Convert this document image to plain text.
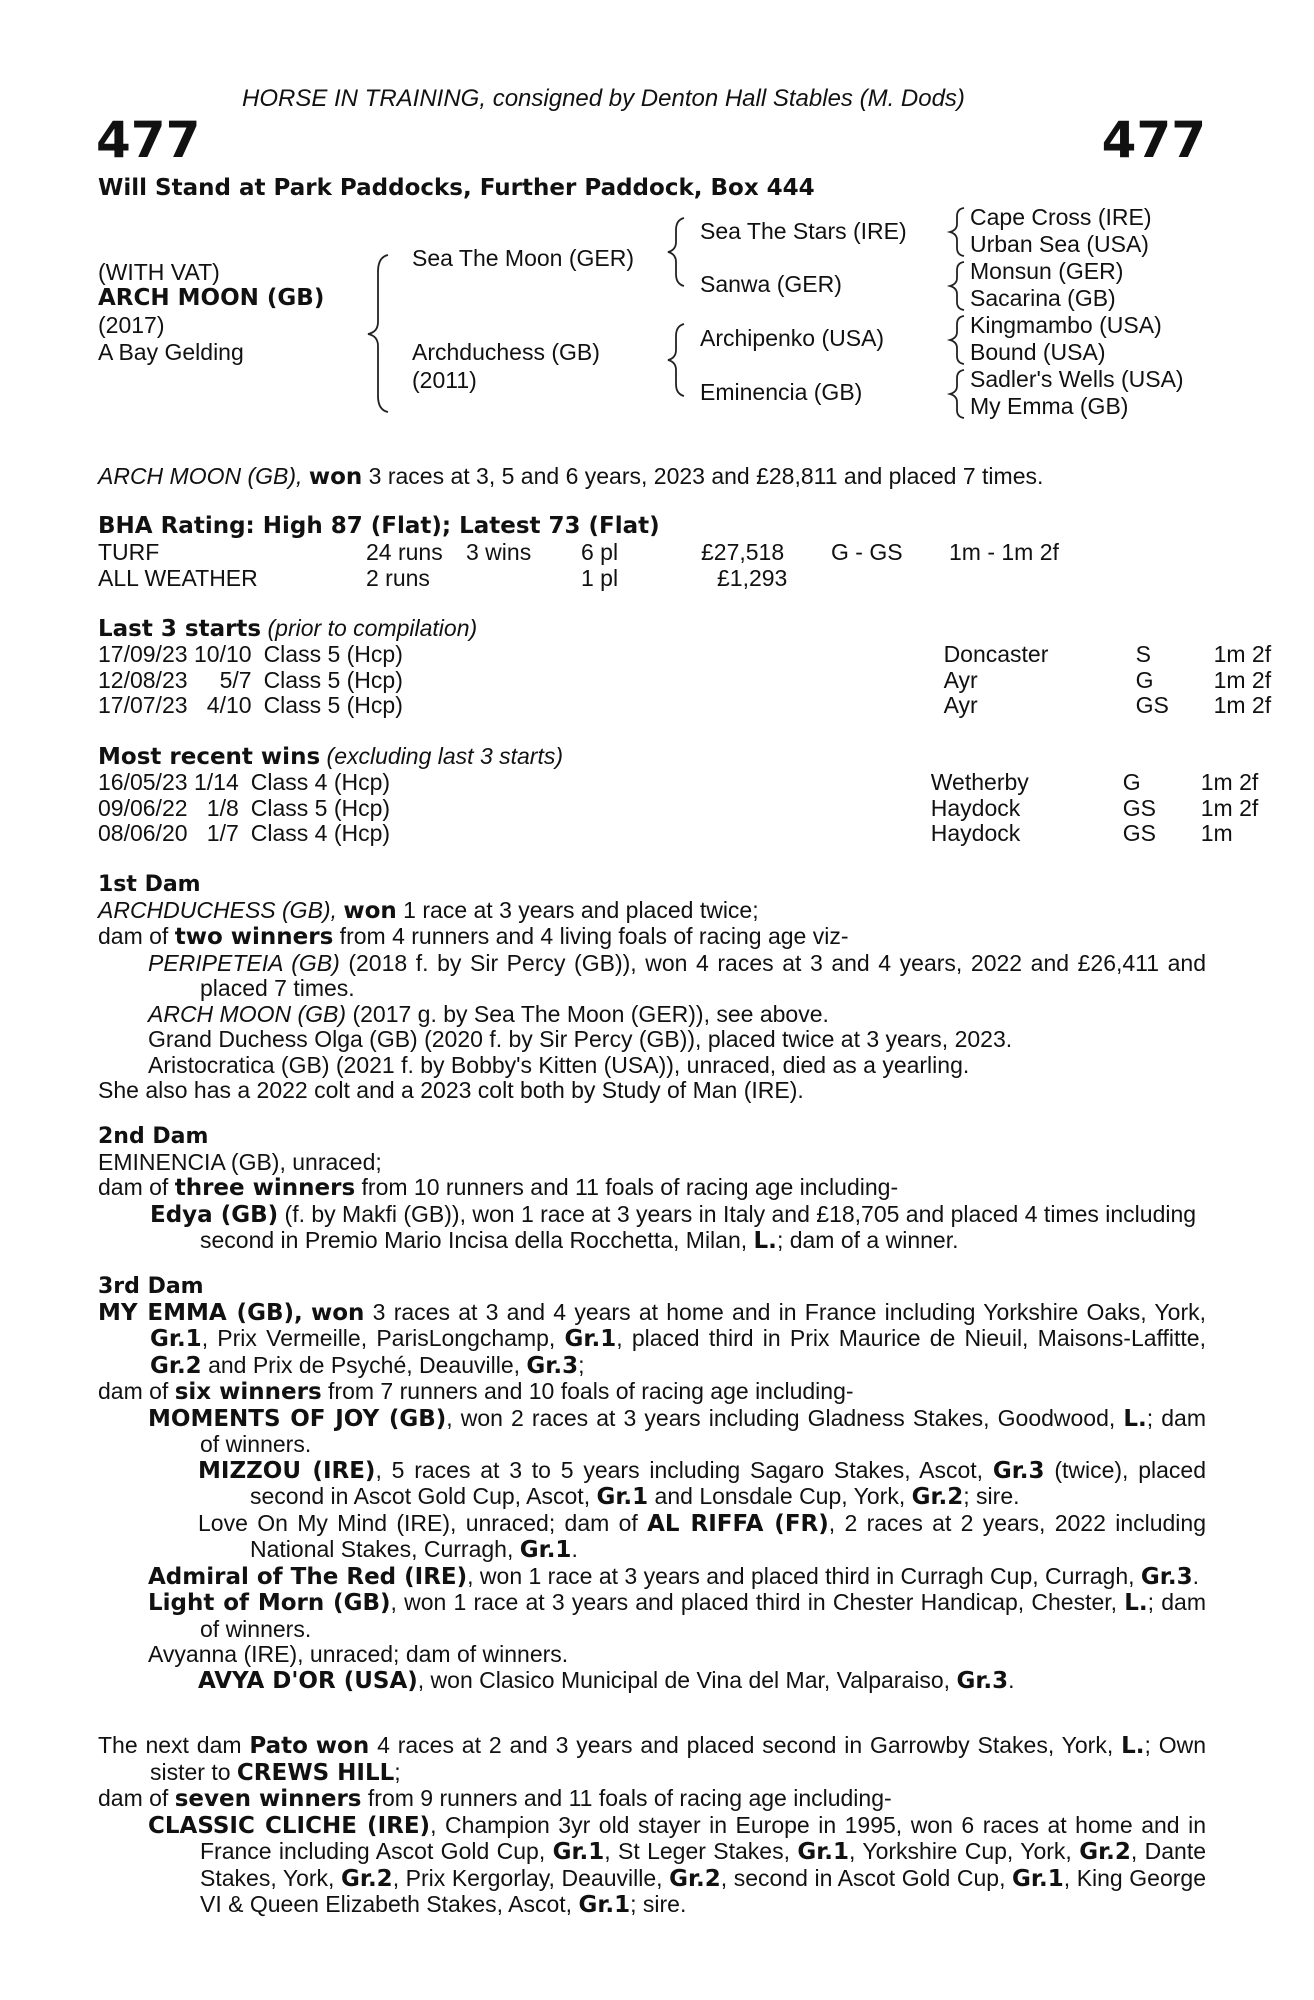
HORSE IN TRAINING, consigned by Denton Hall Stables (M. Dods)
477	477
Will Stand at Park Paddocks, Further Paddock, Box 444
(WITH VAT)
ARCH MOON (GB)
(2017)
A Bay Gelding
Sea The Moon (GER)
Archduchess (GB)
(2011)
Sea The Stars (IRE)
Sanwa (GER)
Archipenko (USA)
Eminencia (GB)
Cape Cross (IRE)
Urban Sea (USA)
Monsun (GER)
Sacarina (GB)
Kingmambo (USA)
Bound (USA)
Sadler's Wells (USA)
My Emma (GB)
ARCH MOON (GB), won 3 races at 3, 5 and 6 years, 2023 and £28,811 and placed 7 times.
BHA Rating: High 87 (Flat); Latest 73 (Flat)
TURF	24 runs	3 wins	6 pl	£27,518	G - GS	1m - 1m 2f
ALL WEATHER	2 runs		1 pl	£1,293		
Last 3 starts (prior to compilation)
17/09/23	10/10	Class 5 (Hcp)	Doncaster	S	1m 2f
12/08/23	5/7	Class 5 (Hcp)	Ayr	G	1m 2f
17/07/23	4/10	Class 5 (Hcp)	Ayr	GS	1m 2f
Most recent wins (excluding last 3 starts)
16/05/23	1/14	Class 4 (Hcp)	Wetherby	G	1m 2f
09/06/22	1/8	Class 5 (Hcp)	Haydock	GS	1m 2f
08/06/20	1/7	Class 4 (Hcp)	Haydock	GS	1m

1st Dam

ARCHDUCHESS (GB), won 1 race at 3 years and placed twice;

dam of two winners from 4 runners and 4 living foals of racing age viz-

PERIPETEIA (GB) (2018 f. by Sir Percy (GB)), won 4 races at 3 and 4 years, 2022 and £26,411 and placed 7 times.

ARCH MOON (GB) (2017 g. by Sea The Moon (GER)), see above.

Grand Duchess Olga (GB) (2020 f. by Sir Percy (GB)), placed twice at 3 years, 2023.

Aristocratica (GB) (2021 f. by Bobby's Kitten (USA)), unraced, died as a yearling.

She also has a 2022 colt and a 2023 colt both by Study of Man (IRE).

2nd Dam

EMINENCIA (GB), unraced;

dam of three winners from 10 runners and 11 foals of racing age including-

Edya (GB) (f. by Makfi (GB)), won 1 race at 3 years in Italy and £18,705 and placed 4 times including second in Premio Mario Incisa della Rocchetta, Milan, L.; dam of a winner.

3rd Dam

MY EMMA (GB), won 3 races at 3 and 4 years at home and in France including Yorkshire Oaks, York, Gr.1, Prix Vermeille, ParisLongchamp, Gr.1, placed third in Prix Maurice de Nieuil, Maisons-Laffitte, Gr.2 and Prix de Psyché, Deauville, Gr.3;

dam of six winners from 7 runners and 10 foals of racing age including-

MOMENTS OF JOY (GB), won 2 races at 3 years including Gladness Stakes, Goodwood, L.; dam of winners.

MIZZOU (IRE), 5 races at 3 to 5 years including Sagaro Stakes, Ascot, Gr.3 (twice), placed second in Ascot Gold Cup, Ascot, Gr.1 and Lonsdale Cup, York, Gr.2; sire.

Love On My Mind (IRE), unraced; dam of AL RIFFA (FR), 2 races at 2 years, 2022 including National Stakes, Curragh, Gr.1.

Admiral of The Red (IRE), won 1 race at 3 years and placed third in Curragh Cup, Curragh, Gr.3.

Light of Morn (GB), won 1 race at 3 years and placed third in Chester Handicap, Chester, L.; dam of winners.

Avyanna (IRE), unraced; dam of winners.

AVYA D'OR (USA), won Clasico Municipal de Vina del Mar, Valparaiso, Gr.3.

The next dam Pato won 4 races at 2 and 3 years and placed second in Garrowby Stakes, York, L.; Own sister to CREWS HILL;

dam of seven winners from 9 runners and 11 foals of racing age including-

CLASSIC CLICHE (IRE), Champion 3yr old stayer in Europe in 1995, won 6 races at home and in France including Ascot Gold Cup, Gr.1, St Leger Stakes, Gr.1, Yorkshire Cup, York, Gr.2, Dante Stakes, York, Gr.2, Prix Kergorlay, Deauville, Gr.2, second in Ascot Gold Cup, Gr.1, King George VI & Queen Elizabeth Stakes, Ascot, Gr.1; sire.
